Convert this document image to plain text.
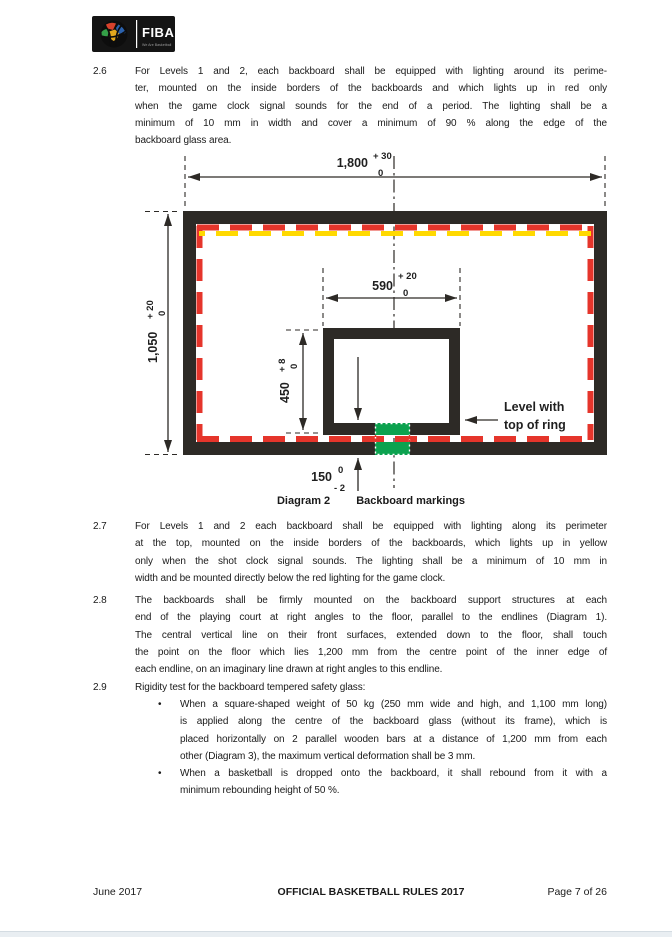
FIBA
We Are Basketball
2.6	For Levels 1 and 2, each backboard shall be equipped with lighting around its perime-
ter, mounted on the inside borders of the backboards and which lights up in red only
when the game clock signal sounds for the end of a period. The lighting shall be a
minimum of 10 mm in width and cover a minimum of 90 % along the edge of the
backboard glass area.
1,800 + 30
0
1,050
+ 20 0
590
+ 20
0
450
+ 8 0
150 0
- 2
Level with
top of ring
Diagram 2 Backboard markings
2.7	For Levels 1 and 2 each backboard shall be equipped with lighting along its perimeter
at the top, mounted on the inside borders of the backboards, which lights up in yellow
only when the shot clock signal sounds. The lighting shall be a minimum of 10 mm in
width and be mounted directly below the red lighting for the game clock.
2.8	The backboards shall be firmly mounted on the backboard support structures at each
end of the playing court at right angles to the floor, parallel to the endlines (Diagram 1).
The central vertical line on their front surfaces, extended down to the floor, shall touch
the point on the floor which lies 1,200 mm from the centre point of the inner edge of
each endline, on an imaginary line drawn at right angles to this endline.
2.9	Rigidity test for the backboard tempered safety glass:
• When a square-shaped weight of 50 kg (250 mm wide and high, and 1,100 mm long)
is applied along the centre of the backboard glass (without its frame), which is
placed horizontally on 2 parallel wooden bars at a distance of 1,200 mm from each
other (Diagram 3), the maximum vertical deformation shall be 3 mm.
• When a basketball is dropped onto the backboard, it shall rebound from it with a
minimum rebounding height of 50 %.
June 2017	OFFICIAL BASKETBALL RULES 2017	Page 7 of 26
